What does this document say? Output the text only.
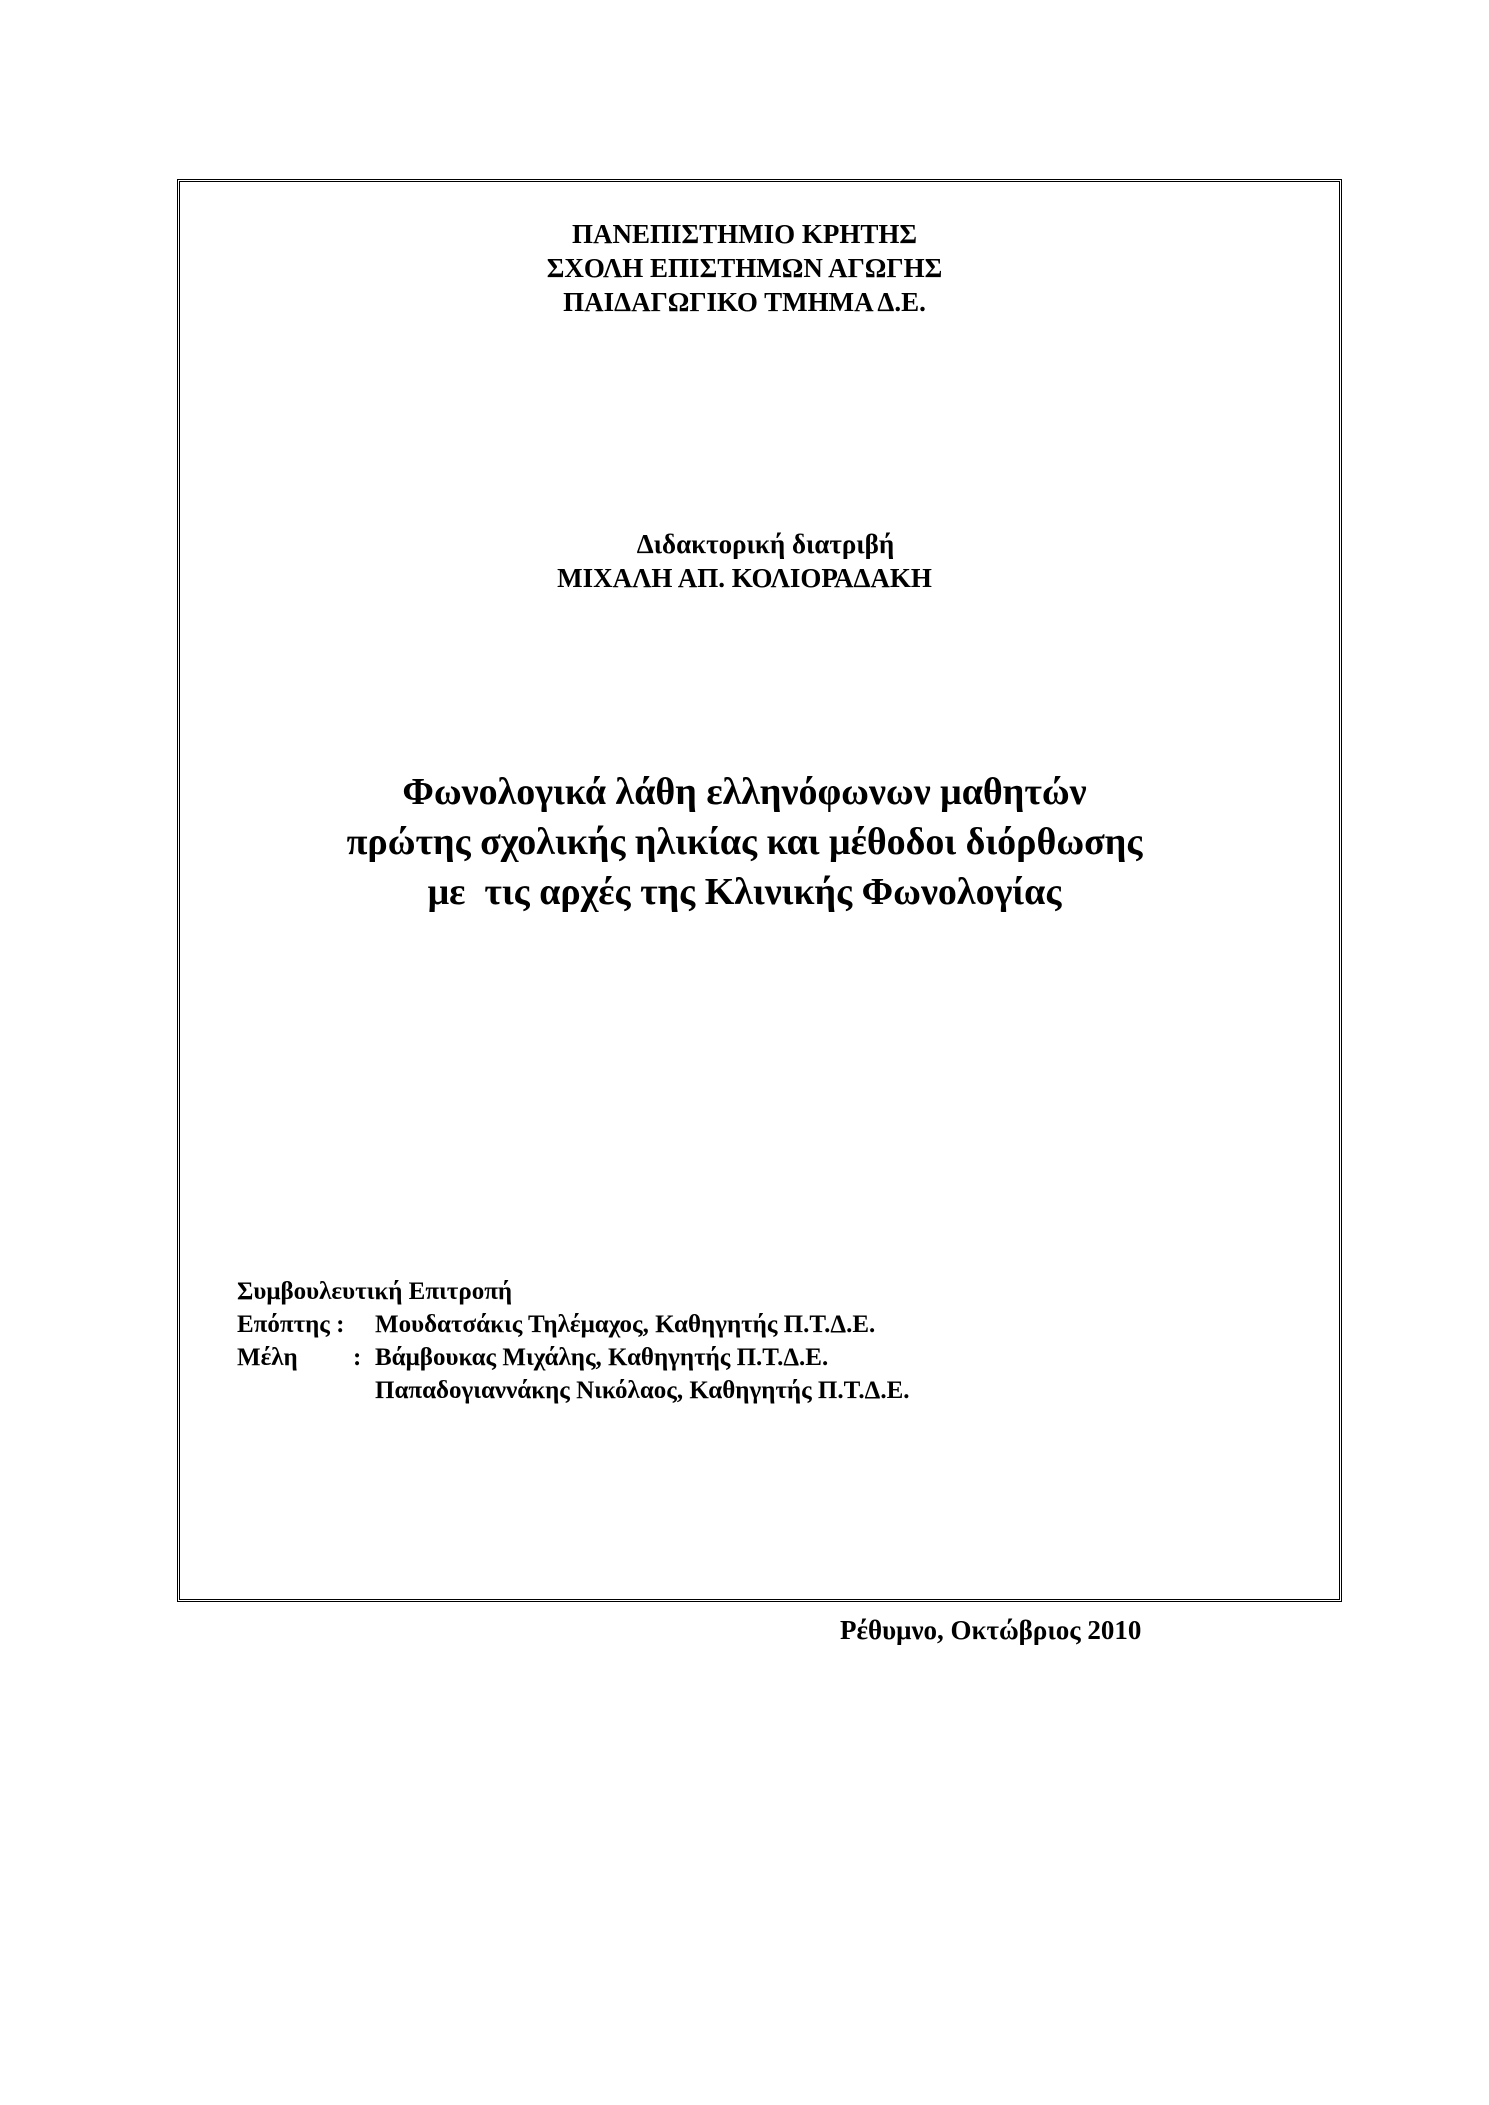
ΠΑΝΕΠΙΣΤΗΜΙΟ ΚΡΗΤΗΣ
ΣΧΟΛΗ ΕΠΙΣΤΗΜΩΝ ΑΓΩΓΗΣ
ΠΑΙΔΑΓΩΓΙΚΟ ΤΜΗΜΑ Δ.Ε.
Διδακτορική διατριβή
ΜΙΧΑΛΗ ΑΠ. ΚΟΛΙΟΡΑΔΑΚΗ
Φωνολογικά λάθη ελληνόφωνων μαθητών
πρώτης σχολικής ηλικίας και μέθοδοι διόρθωσης
με  τις αρχές της Κλινικής Φωνολογίας
Συμβουλευτική Επιτροπή
Επόπτης : Μουδατσάκις Τηλέμαχος, Καθηγητής Π.Τ.Δ.Ε.
Μέλη : Βάμβουκας Μιχάλης, Καθηγητής Π.Τ.Δ.Ε.
Παπαδογιαννάκης Νικόλαος, Καθηγητής Π.Τ.Δ.Ε.
Ρέθυμνο, Οκτώβριος 2010
